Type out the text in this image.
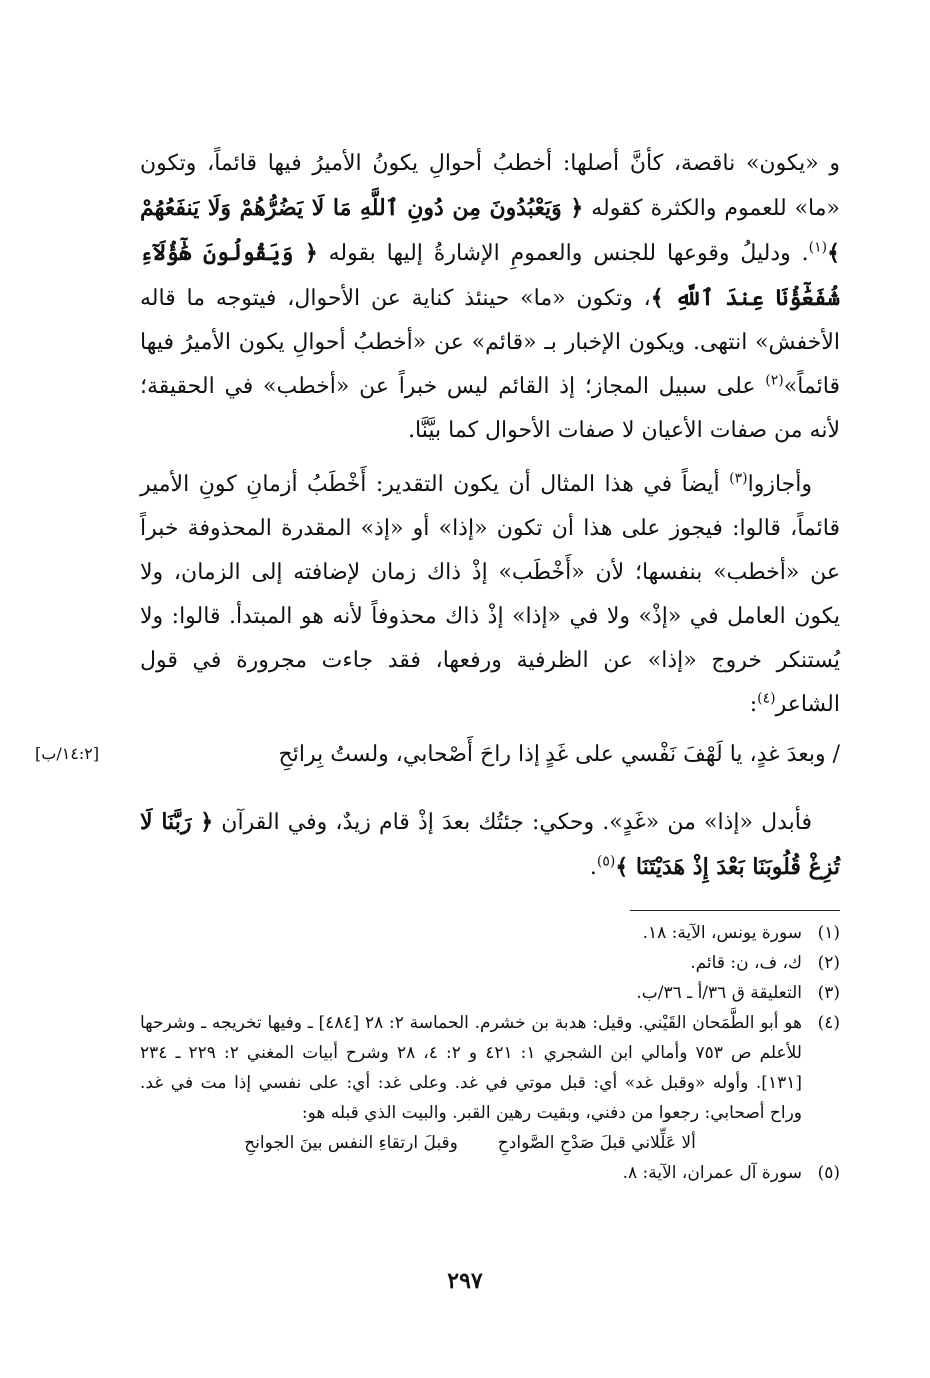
و «يكون» ناقصة، كأنَّ أصلها: أخطبُ أحوالِ يكونُ الأميرُ فيها قائماً، وتكون «ما» للعموم والكثرة كقوله ﴿ وَيَعْبُدُونَ مِن دُونِ ٱللَّهِ مَا لَا يَضُرُّهُمْ وَلَا يَنفَعُهُمْ ﴾$^{(١)}$. ودليلُ وقوعها للجنس والعمومِ الإشارةُ إليها بقوله ﴿ وَيَقُولُونَ هَٰٓؤُلَآءِ شُفَعَٰٓؤُنَا عِندَ ٱللَّهِ ﴾، وتكون «ما» حينئذ كناية عن الأحوال، فيتوجه ما قاله الأخفش» انتهى. ويكون الإخبار بـ «قائم» عن «أخطبُ أحوالِ يكون الأميرُ فيها قائماً»$^{(٢)}$ على سبيل المجاز؛ إذ القائم ليس خبراً عن «أخطب» في الحقيقة؛ لأنه من صفات الأعيان لا صفات الأحوال كما بيَّنَّا.

وأجازوا$^{(٣)}$ أيضاً في هذا المثال أن يكون التقدير: أَخْطَبُ أزمانِ كونِ الأمير قائماً، قالوا: فيجوز على هذا أن تكون «إذا» أو «إذ» المقدرة المحذوفة خبراً عن «أخطب» بنفسها؛ لأن «أَخْطَب» إذْ ذاك زمان لإضافته إلى الزمان، ولا يكون العامل في «إذْ» ولا في «إذا» إذْ ذاك محذوفاً لأنه هو المبتدأ. قالوا: ولا يُستنكر خروج «إذا» عن الظرفية ورفعها، فقد جاءت مجرورة في قول الشاعر$^{(٤)}$:

/ وبعدَ غدٍ، يا لَهْفَ نَفْسي على غَدٍ
إذا راحَ أَصْحابي، ولستُ بِرائحِ
[١٤:٢/ب]

فأبدل «إذا» من «غَدٍ». وحكي: جئتُك بعدَ إذْ قام زيدٌ، وفي القرآن ﴿ رَبَّنَا لَا تُزِغْ قُلُوبَنَا بَعْدَ إِذْ هَدَيْتَنَا ﴾$^{(٥)}$.

(١)
سورة يونس، الآية: ١٨.
(٢)
ك، ف، ن: قائم.
(٣)
التعليقة ق ٣٦/أ ـ ٣٦/ب.
(٤)
هو أبو الطَّمَحان القَيْني. وقيل: هدبة بن خشرم. الحماسة ٢: ٢٨ [٤٨٤] ـ وفيها تخريجه ـ وشرحها للأعلم ص ٧٥٣ وأمالي ابن الشجري ١: ٤٢١ و ٢: ٤، ٢٨ وشرح أبيات المغني ٢: ٢٢٩ ـ ٢٣٤ [١٣١]. وأوله «وقبل غد» أي: قبل موتي في غد. وعلى غد: أي: على نفسي إذا مت في غد. وراح أصحابي: رجعوا من دفني، وبقيت رهين القبر. والبيت الذي قبله هو:
ألا عَلِّلاني قبلَ صَدْحِ الصَّوادحِ
وقبلَ ارتقاءِ النفس بينَ الجوانحِ
(٥)
سورة آل عمران، الآية: ٨.
٢٩٧
